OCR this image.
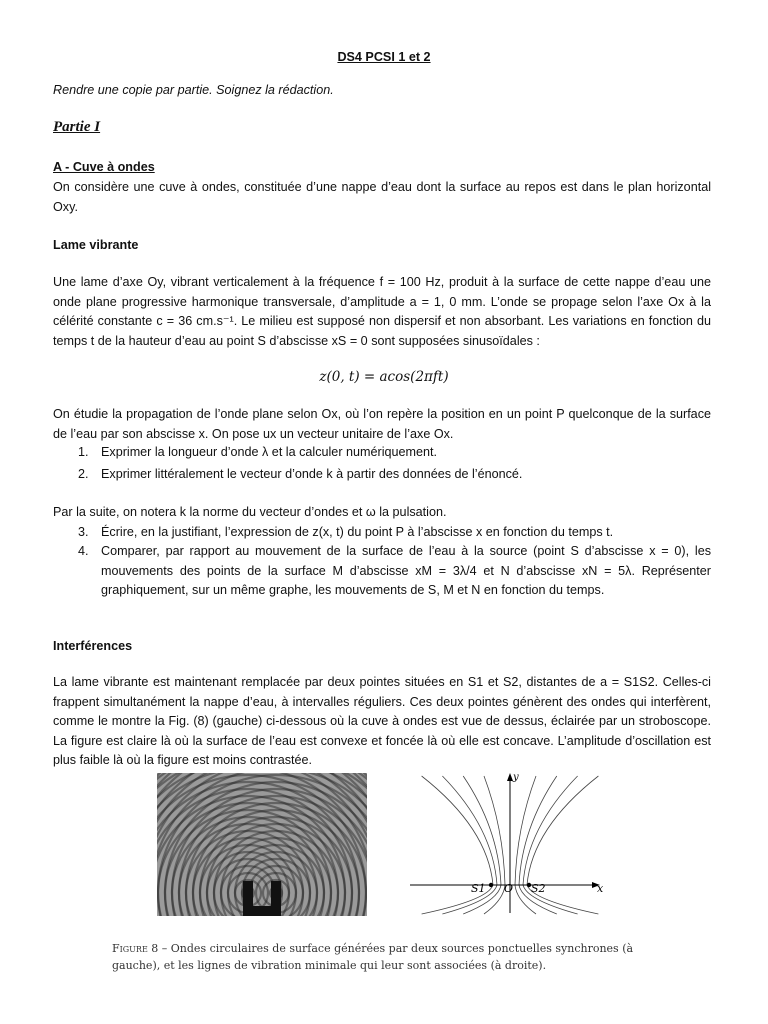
DS4 PCSI 1 et 2
Rendre une copie par partie. Soignez la rédaction.
Partie I
A - Cuve à ondes
On considère une cuve à ondes, constituée d’une nappe d’eau dont la surface au repos est dans le plan horizontal Oxy.
Lame vibrante
Une lame d’axe Oy, vibrant verticalement à la fréquence f = 100 Hz, produit à la surface de cette nappe d’eau une onde plane progressive harmonique transversale, d’amplitude a = 1, 0 mm. L’onde se propage selon l’axe Ox à la célérité constante c = 36 cm.s⁻¹. Le milieu est supposé non dispersif et non absorbant. Les variations en fonction du temps t de la hauteur d’eau au point S d’abscisse xS = 0 sont supposées sinusoïdales :
z(0, t) = acos(2πft)
On étudie la propagation de l’onde plane selon Ox, où l’on repère la position en un point P quelconque de la surface de l’eau par son abscisse x. On pose ux un vecteur unitaire de l’axe Ox.
1. Exprimer la longueur d’onde λ et la calculer numériquement.
2. Exprimer littéralement le vecteur d’onde k à partir des données de l’énoncé.
Par la suite, on notera k la norme du vecteur d’ondes et ω la pulsation.
3. Écrire, en la justifiant, l’expression de z(x, t) du point P à l’abscisse x en fonction du temps t.
4. Comparer, par rapport au mouvement de la surface de l’eau à la source (point S d’abscisse x = 0), les mouvements des points de la surface M d’abscisse xM = 3λ/4 et N d’abscisse xN = 5λ. Représenter graphiquement, sur un même graphe, les mouvements de S, M et N en fonction du temps.
Interférences
La lame vibrante est maintenant remplacée par deux pointes situées en S1 et S2, distantes de a = S1S2. Celles-ci frappent simultanément la nappe d’eau, à intervalles réguliers. Ces deux pointes génèrent des ondes qui interfèrent, comme le montre la Fig. (8) (gauche) ci-dessous où la cuve à ondes est vue de dessus, éclairée par un stroboscope. La figure est claire là où la surface de l’eau est convexe et foncée là où elle est concave. L’amplitude d’oscillation est plus faible là où la figure est moins contrastée.
S1 O S2	x
y
Figure 8 – Ondes circulaires de surface générées par deux sources ponctuelles synchrones (à gauche), et les lignes de vibration minimale qui leur sont associées (à droite).
